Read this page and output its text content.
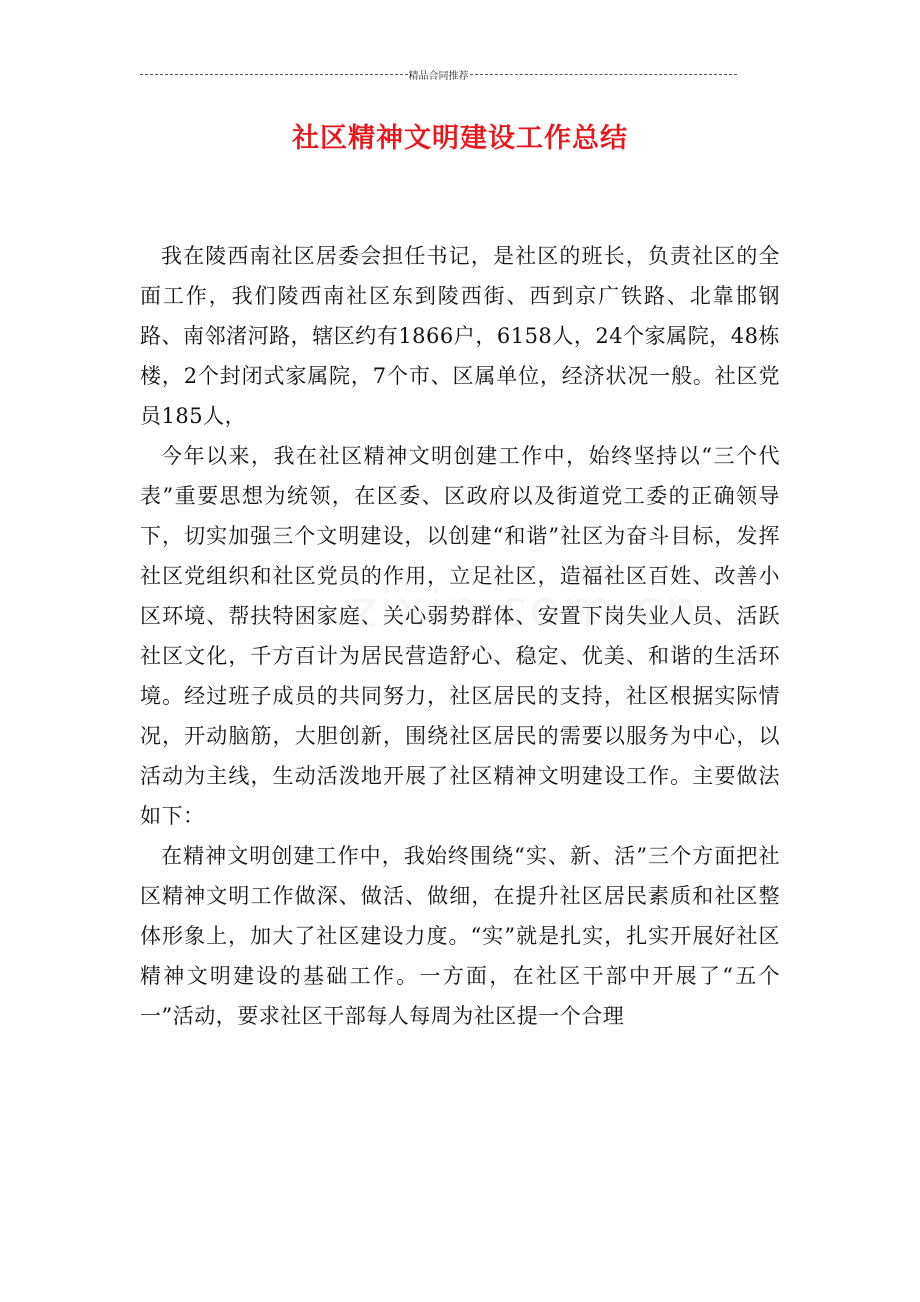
精品合同推荐
社区精神文明建设工作总结

我在陵西南社区居委会担任书记，是社区的班长，负责社区的全面工作，我们陵西南社区东到陵西街、西到京广铁路、北靠邯钢路、南邻渚河路，辖区约有1866户，6158人，24个家属院，48栋楼，2个封闭式家属院，7个市、区属单位，经济状况一般。社区党员185人，

今年以来，我在社区精神文明创建工作中，始终坚持以“三个代表”重要思想为统领，在区委、区政府以及街道党工委的正确领导下，切实加强三个文明建设，以创建“和谐”社区为奋斗目标，发挥社区党组织和社区党员的作用，立足社区，造福社区百姓、改善小区环境、帮扶特困家庭、关心弱势群体、安置下岗失业人员、活跃社区文化，千方百计为居民营造舒心、稳定、优美、和谐的生活环境。经过班子成员的共同努力，社区居民的支持，社区根据实际情况，开动脑筋，大胆创新，围绕社区居民的需要以服务为中心，以活动为主线，生动活泼地开展了社区精神文明建设工作。主要做法如下：

在精神文明创建工作中，我始终围绕“实、新、活”三个方面把社区精神文明工作做深、做活、做细，在提升社区居民素质和社区整体形象上，加大了社区建设力度。“实”就是扎实，扎实开展好社区精神文明建设的基础工作。一方面，在社区干部中开展了“五个一”活动，要求社区干部每人每周为社区提一个合理
